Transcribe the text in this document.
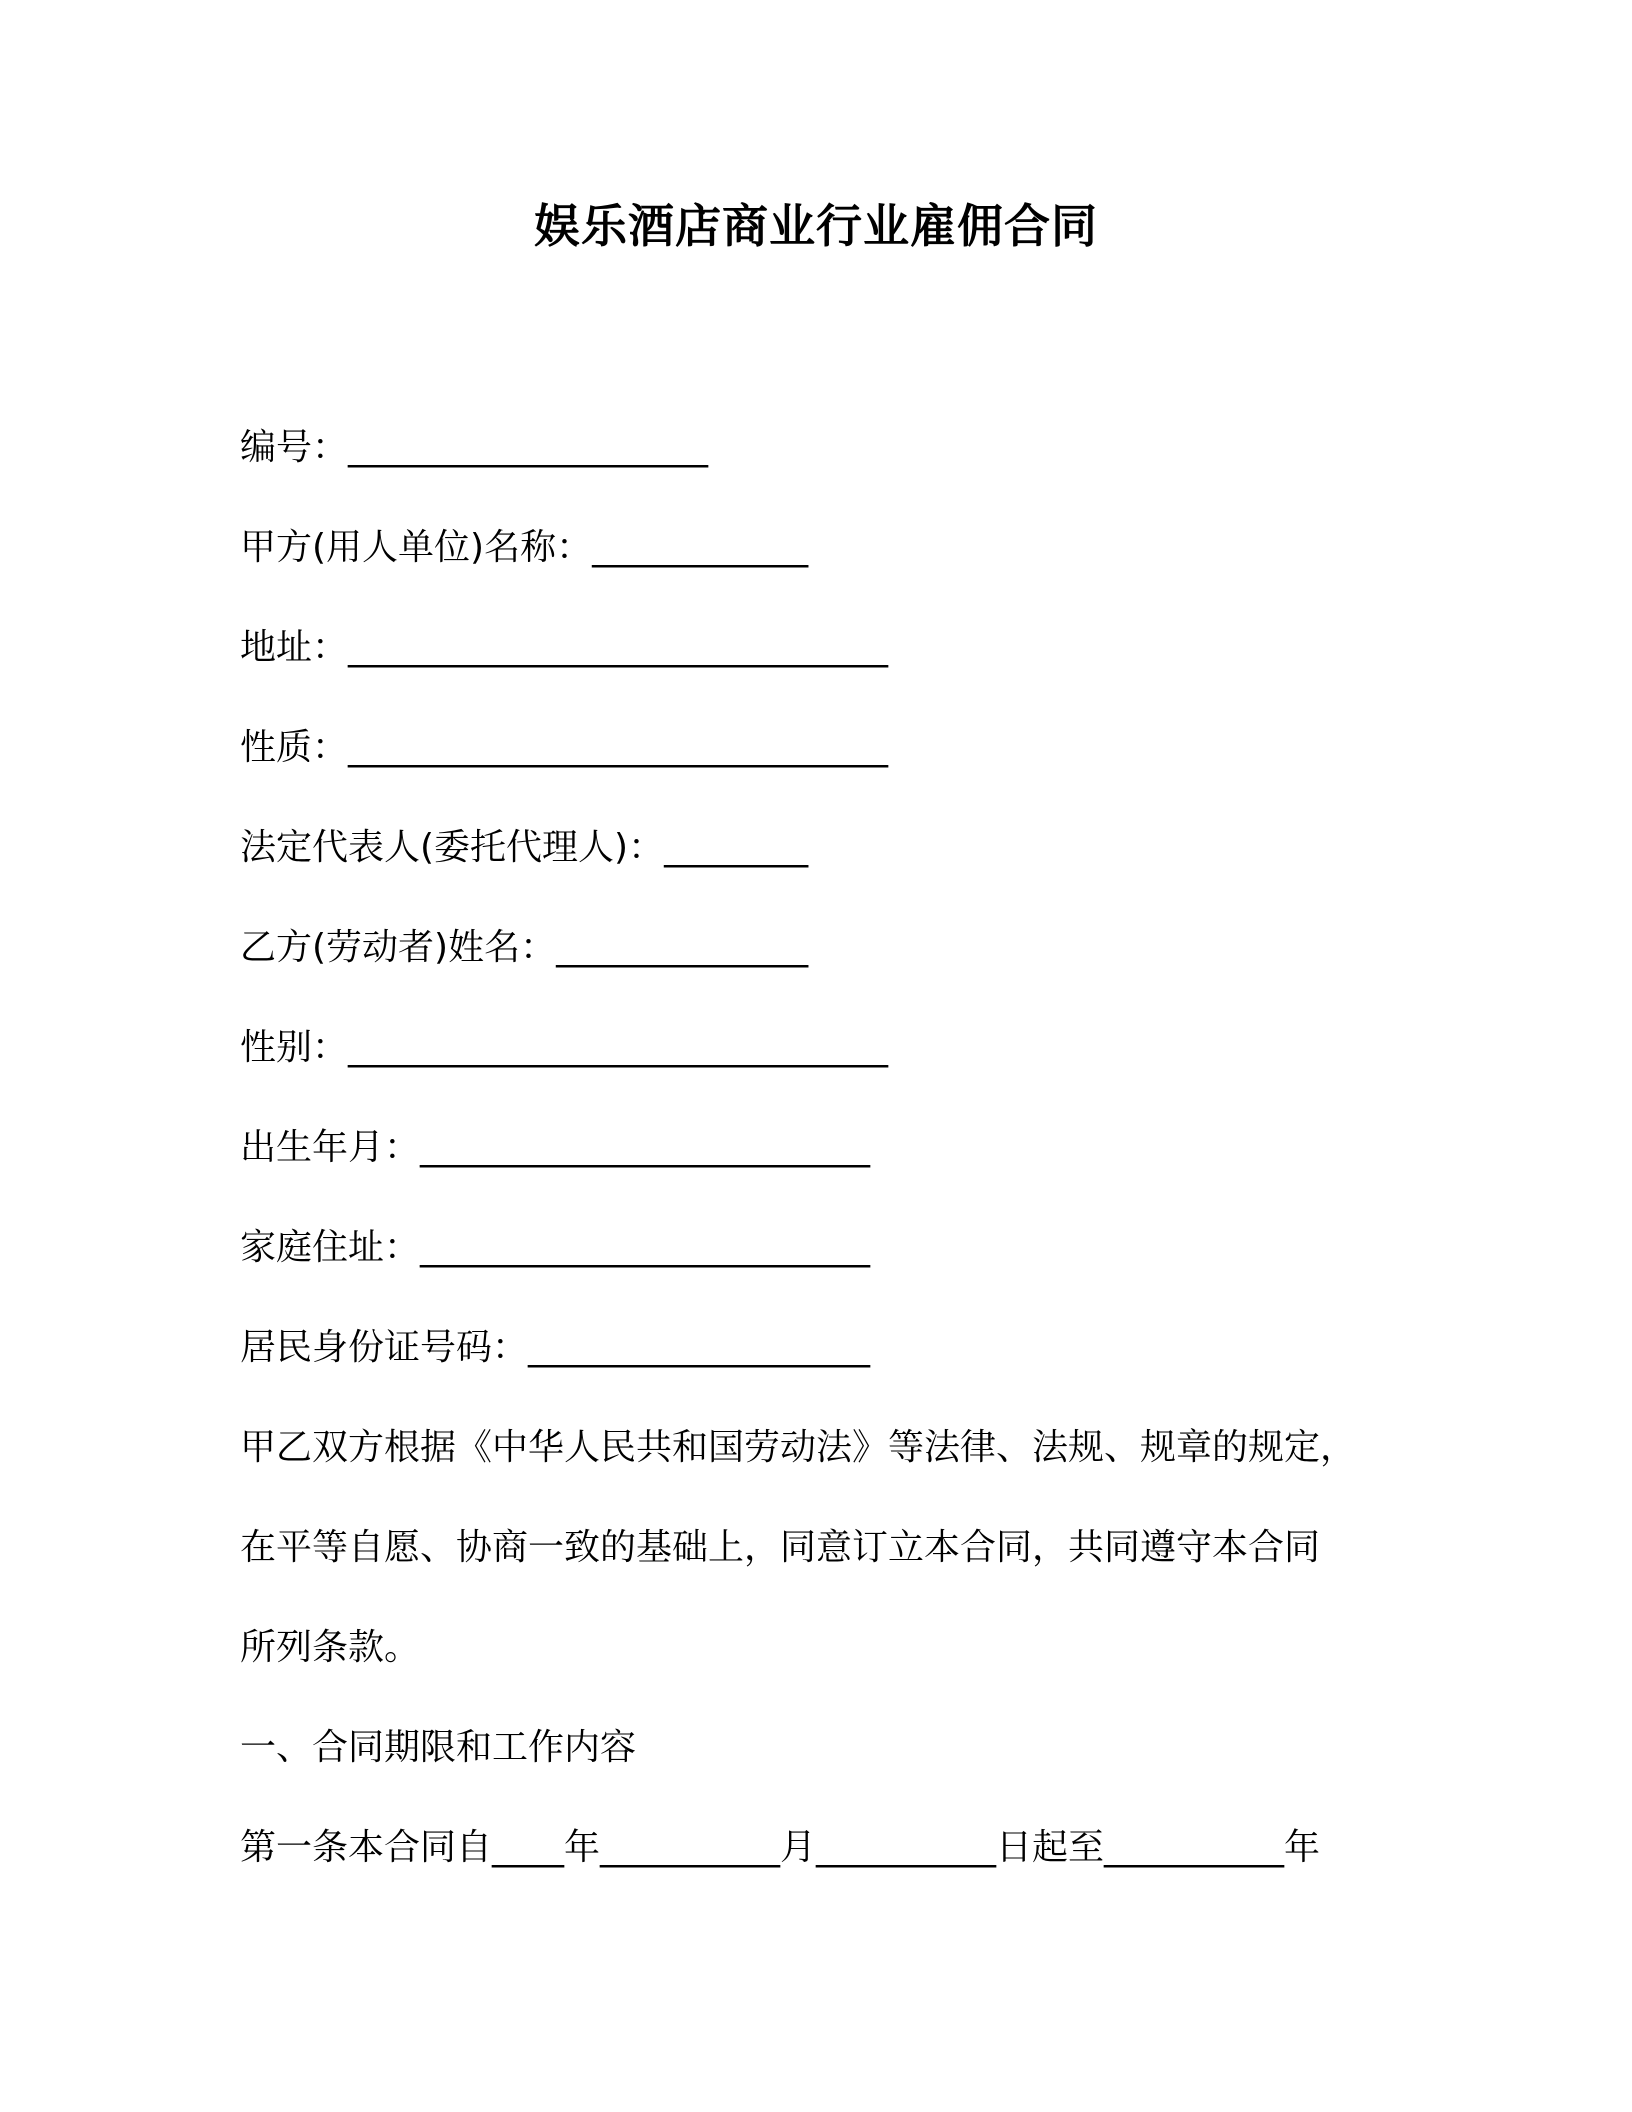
娱乐酒店商业行业雇佣合同
编号：____________________
甲方(用人单位)名称：____________
地址：______________________________
性质：______________________________
法定代表人(委托代理人)：________
乙方(劳动者)姓名：______________
性别：______________________________
出生年月：_________________________
家庭住址：_________________________
居民身份证号码：___________________
甲乙双方根据《中华人民共和国劳动法》等法律、法规、规章的规定，
在平等自愿、协商一致的基础上，同意订立本合同，共同遵守本合同
所列条款。
一、合同期限和工作内容
第一条本合同自____年__________月__________日起至__________年
